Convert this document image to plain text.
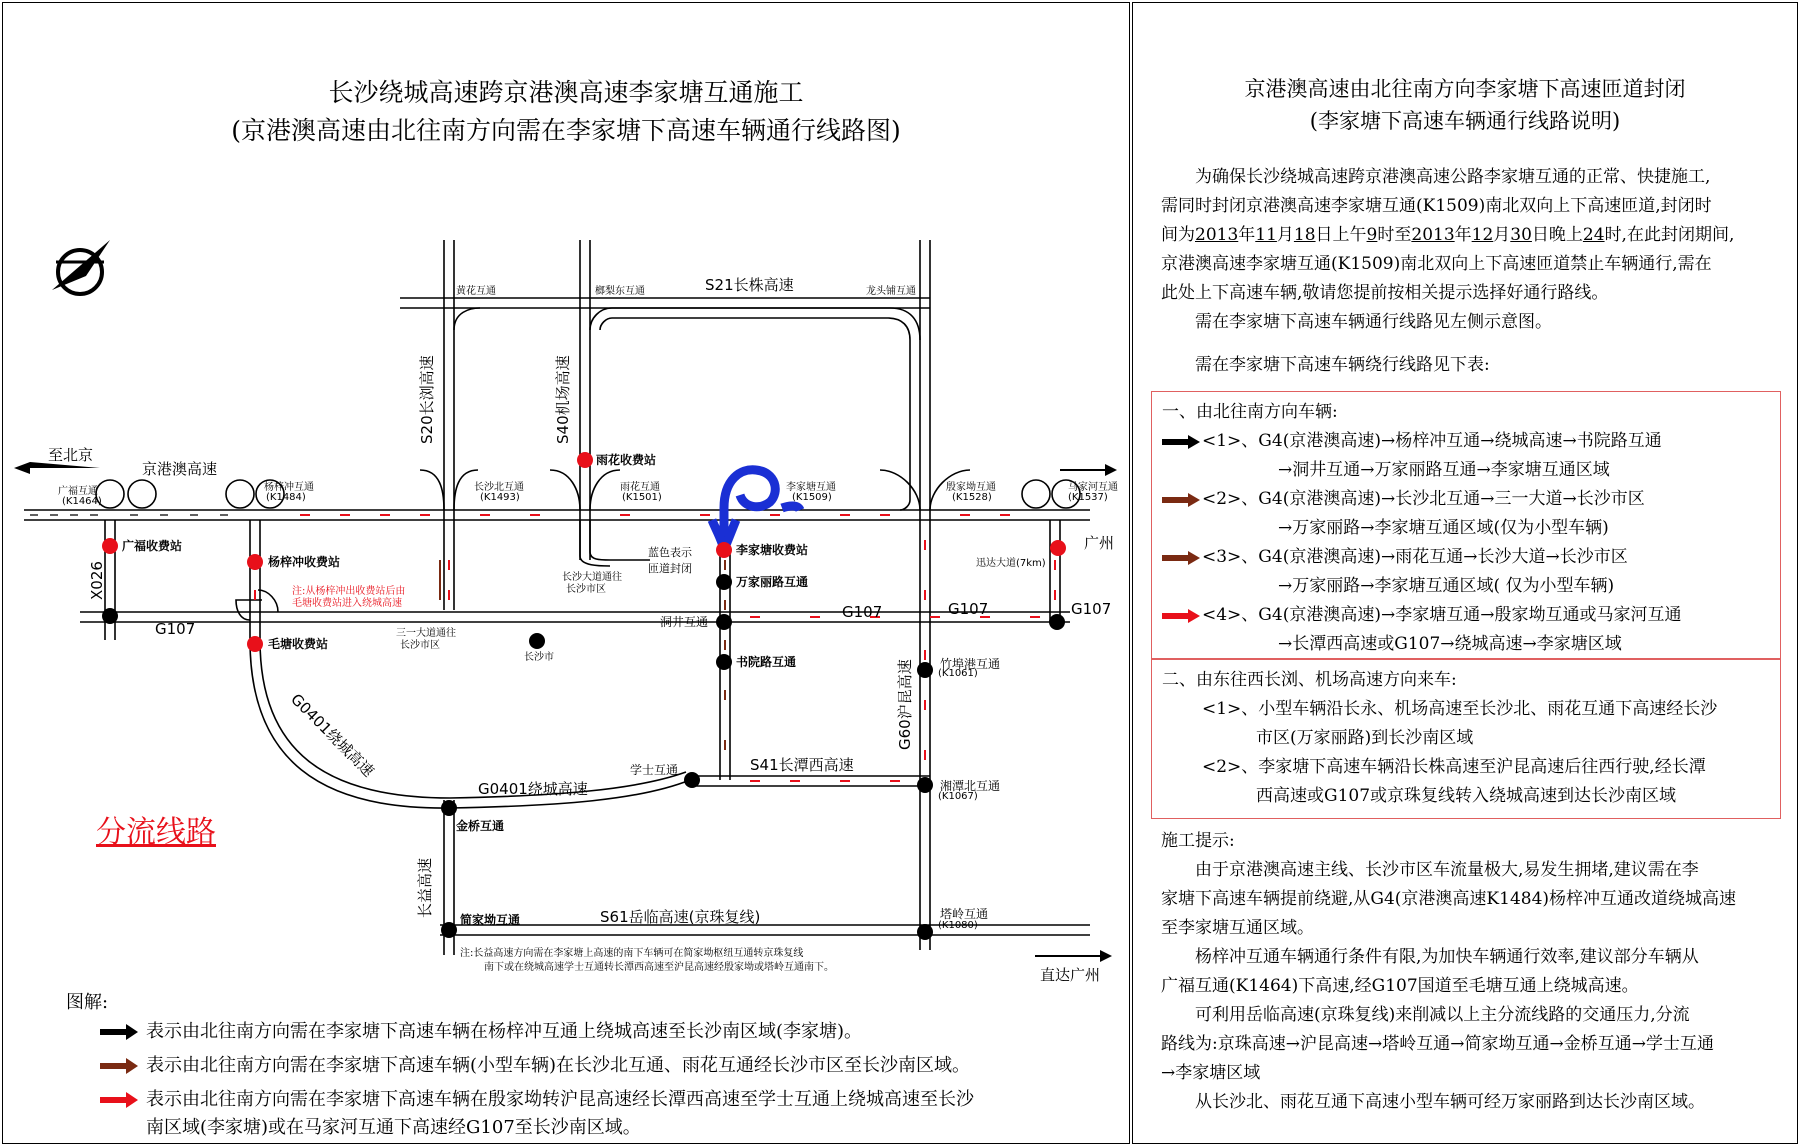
长沙绕城高速跨京港澳高速李家塘互通施工
(京港澳高速由北往南方向需在李家塘下高速车辆通行线路图)
S21长株高速
S20长浏高速	S40机场高速
G60沪昆高速
G107
G107	G107	G107
X026
G0401绕城高速
G0401绕城高速
S41长潭西高速
S61岳临高速(京珠复线)
长益高速
京港澳高速
至北京
广州
直达广州
黄花互通	榔梨东互通	龙头铺互通
广福互通
(K1464)
杨梓冲互通
(K1484)
长沙北互通
(K1493)
雨花互通
(K1501)
李家塘互通
(K1509)
殷家坳互通
(K1528)
马家河互通
(K1537)
(K1061)
(K1067)
(K1080)
三一大道通往
长沙市区
长沙大道通往
长沙市区
迅达大道(7km)
长沙市
雨花收费站
广福收费站
杨梓冲收费站
毛塘收费站
李家塘收费站
万家丽路互通
洞井互通
书院路互通	竹埠港互通
湘潭北互通
塔岭互通
学士互通
金桥互通
简家坳互通
蓝色表示
匝道封闭
注:从杨梓冲出收费站后由
毛塘收费站进入绕城高速
注:长益高速方向需在李家塘上高速的南下车辆可在简家坳枢纽互通转京珠复线
南下或在绕城高速学士互通转长潭西高速至沪昆高速经殷家坳或塔岭互通南下。
分流线路
图解:
表示由北往南方向需在李家塘下高速车辆在杨梓冲互通上绕城高速至长沙南区域(李家塘)。
表示由北往南方向需在李家塘下高速车辆(小型车辆)在长沙北互通、雨花互通经长沙市区至长沙南区域。
表示由北往南方向需在李家塘下高速车辆在殷家坳转沪昆高速经长潭西高速至学士互通上绕城高速至长沙南区域(李家塘)或在马家河互通下高速经G107至长沙南区域。
京港澳高速由北往南方向李家塘下高速匝道封闭
(李家塘下高速车辆通行线路说明)
为确保长沙绕城高速跨京港澳高速公路李家塘互通的正常、快捷施工,
需同时封闭京港澳高速李家塘互通(K1509)南北双向上下高速匝道,封闭时
间为2013年11月18日上午9时至2013年12月30日晚上24时,在此封闭期间,
京港澳高速李家塘互通(K1509)南北双向上下高速匝道禁止车辆通行,需在
此处上下高速车辆,敬请您提前按相关提示选择好通行路线。
需在李家塘下高速车辆通行线路见左侧示意图。
需在李家塘下高速车辆绕行线路见下表:
一、由北往南方向车辆:
<1>、G4(京港澳高速)→杨梓冲互通→绕城高速→书院路互通
→洞井互通→万家丽路互通→李家塘互通区域
<2>、G4(京港澳高速)→长沙北互通→三一大道→长沙市区
→万家丽路→李家塘互通区域(仅为小型车辆)
<3>、G4(京港澳高速)→雨花互通→长沙大道→长沙市区
→万家丽路→李家塘互通区域( 仅为小型车辆)
<4>、G4(京港澳高速)→李家塘互通→殷家坳互通或马家河互通
→长潭西高速或G107→绕城高速→李家塘区域
二、由东往西长浏、机场高速方向来车:
<1>、小型车辆沿长永、机场高速至长沙北、雨花互通下高速经长沙
市区(万家丽路)到长沙南区域
<2>、李家塘下高速车辆沿长株高速至沪昆高速后往西行驶,经长潭
西高速或G107或京珠复线转入绕城高速到达长沙南区域
施工提示:
由于京港澳高速主线、长沙市区车流量极大,易发生拥堵,建议需在李
家塘下高速车辆提前绕避,从G4(京港澳高速K1484)杨梓冲互通改道绕城高速
至李家塘互通区域。
杨梓冲互通车辆通行条件有限,为加快车辆通行效率,建议部分车辆从
广福互通(K1464)下高速,经G107国道至毛塘互通上绕城高速。
可利用岳临高速(京珠复线)来削减以上主分流线路的交通压力,分流
路线为:京珠高速→沪昆高速→塔岭互通→简家坳互通→金桥互通→学士互通
→李家塘区域
从长沙北、雨花互通下高速小型车辆可经万家丽路到达长沙南区域。
